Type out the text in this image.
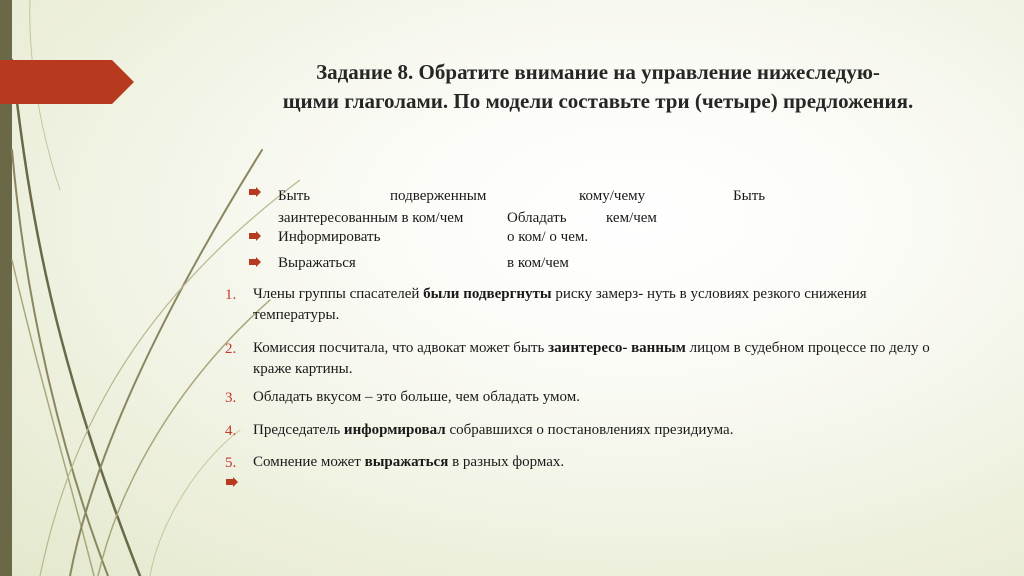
Задание 8. Обратите внимание на управление нижеследую-
щими глаголами. По модели составьте три (четыре) предложения.
Быть	подверженным	кому/чему	Быть
заинтересованным в ком/чем	Обладать	кем/чем
Информировать	о ком/ о чем.
Выражаться	в ком/чем
1. Члены группы спасателей были подвергнуты риску замерз- нуть в условиях резкого снижения температуры.
2. Комиссия посчитала, что адвокат может быть заинтересо- ванным лицом в судебном процессе по делу о краже картины.
3. Обладать вкусом – это больше, чем обладать умом.
4. Председатель информировал собравшихся о постановлениях президиума.
5. Сомнение может выражаться в разных формах.
